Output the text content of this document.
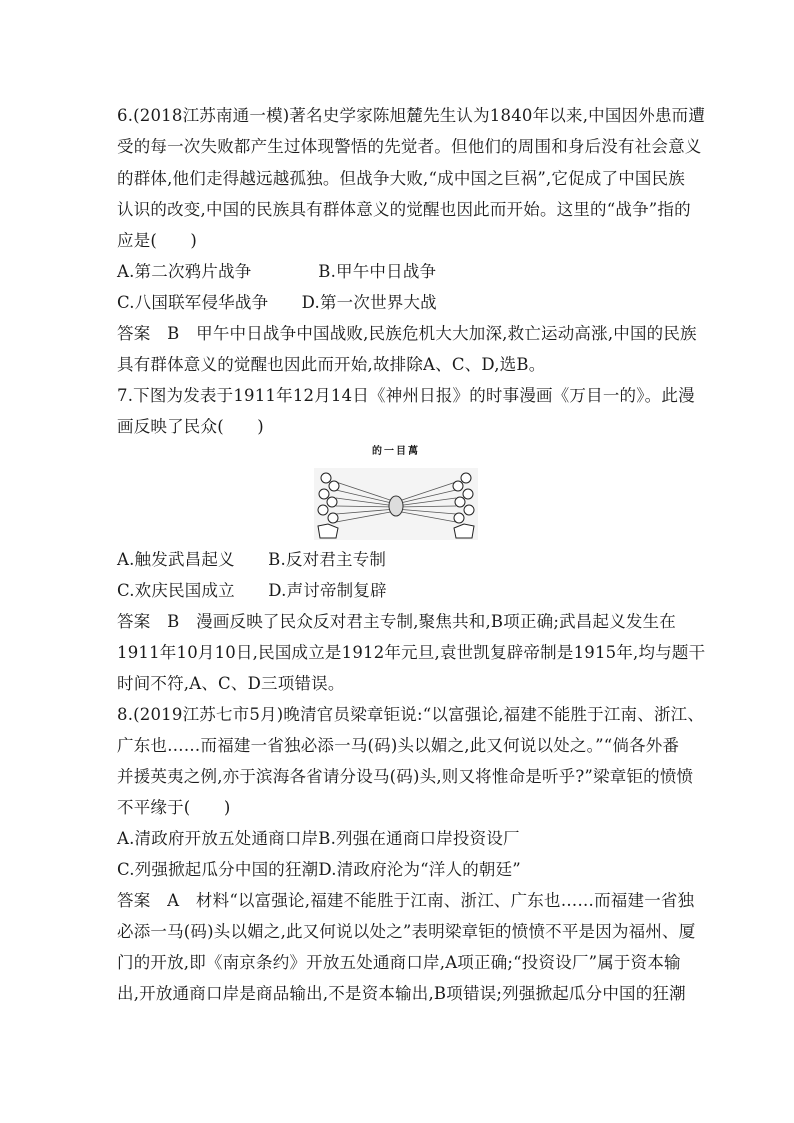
6.(2018江苏南通一模)著名史学家陈旭麓先生认为1840年以来,中国因外患而遭
受的每一次失败都产生过体现警悟的先觉者。但他们的周围和身后没有社会意义
的群体,他们走得越远越孤独。但战争大败,“成中国之巨祸”,它促成了中国民族
认识的改变,中国的民族具有群体意义的觉醒也因此而开始。这里的“战争”指的
应是(　　)
A.第二次鸦片战争　　　　B.甲午中日战争
C.八国联军侵华战争　　D.第一次世界大战
答案　B　甲午中日战争中国战败,民族危机大大加深,救亡运动高涨,中国的民族
具有群体意义的觉醒也因此而开始,故排除A、C、D,选B。
7.下图为发表于1911年12月14日《神州日报》的时事漫画《万目一的》。此漫
画反映了民众(　　)
的一目萬
A.触发武昌起义　　B.反对君主专制
C.欢庆民国成立　　D.声讨帝制复辟
答案　B　漫画反映了民众反对君主专制,聚焦共和,B项正确;武昌起义发生在
1911年10月10日,民国成立是1912年元旦,袁世凯复辟帝制是1915年,均与题干
时间不符,A、C、D三项错误。
8.(2019江苏七市5月)晚清官员梁章钜说:“以富强论,福建不能胜于江南、浙江、
广东也……而福建一省独必添一马(码)头以媚之,此又何说以处之。”“倘各外番
并援英夷之例,亦于滨海各省请分设马(码)头,则又将惟命是听乎?”梁章钜的愤愤
不平缘于(　　)
A.清政府开放五处通商口岸B.列强在通商口岸投资设厂
C.列强掀起瓜分中国的狂潮D.清政府沦为“洋人的朝廷”
答案　A　材料“以富强论,福建不能胜于江南、浙江、广东也……而福建一省独
必添一马(码)头以媚之,此又何说以处之”表明梁章钜的愤愤不平是因为福州、厦
门的开放,即《南京条约》开放五处通商口岸,A项正确;“投资设厂”属于资本输
出,开放通商口岸是商品输出,不是资本输出,B项错误;列强掀起瓜分中国的狂潮
